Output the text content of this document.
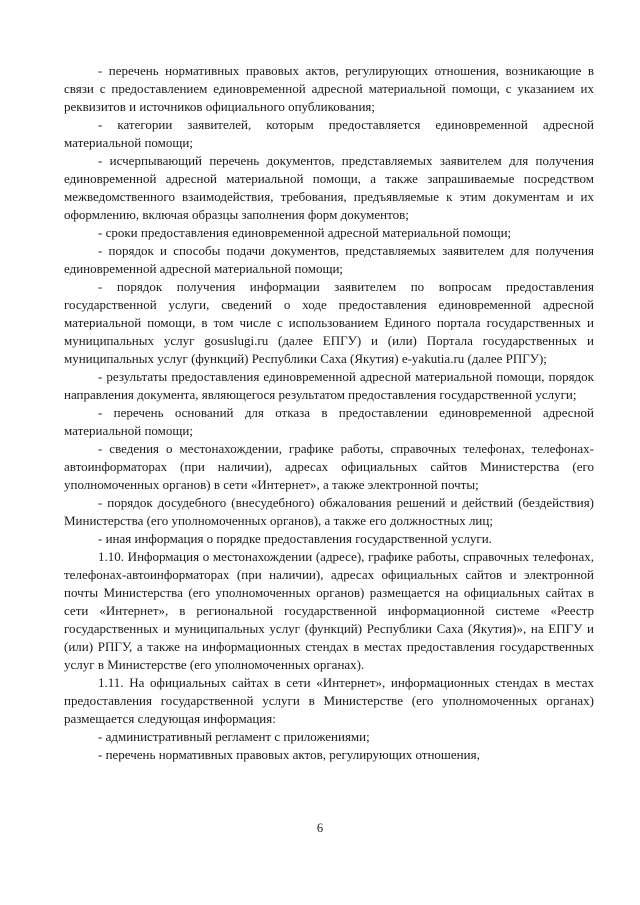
- перечень нормативных правовых актов, регулирующих отношения, возникающие в связи с предоставлением единовременной адресной материальной помощи, с указанием их реквизитов и источников официального опубликования;

- категории заявителей, которым предоставляется единовременной адресной материальной помощи;

- исчерпывающий перечень документов, представляемых заявителем для получения единовременной адресной материальной помощи, а также запрашиваемые посредством межведомственного взаимодействия, требования, предъявляемые к этим документам и их оформлению, включая образцы заполнения форм документов;

- сроки предоставления единовременной адресной материальной помощи;

- порядок и способы подачи документов, представляемых заявителем для получения единовременной адресной материальной помощи;

- порядок получения информации заявителем по вопросам предоставления государственной услуги, сведений о ходе предоставления единовременной адресной материальной помощи, в том числе с использованием Единого портала государственных и муниципальных услуг gosuslugi.ru (далее ЕПГУ) и (или) Портала государственных и муниципальных услуг (функций) Республики Саха (Якутия) e-yakutia.ru (далее РПГУ);

- результаты предоставления единовременной адресной материальной помощи, порядок направления документа, являющегося результатом предоставления государственной услуги;

- перечень оснований для отказа в предоставлении единовременной адресной материальной помощи;

- сведения о местонахождении, графике работы, справочных телефонах, телефонах-автоинформаторах (при наличии), адресах официальных сайтов Министерства (его уполномоченных органов) в сети «Интернет», а также электронной почты;

- порядок досудебного (внесудебного) обжалования решений и действий (бездействия) Министерства (его уполномоченных органов), а также его должностных лиц;

- иная информация о порядке предоставления государственной услуги.

1.10. Информация о местонахождении (адресе), графике работы, справочных телефонах, телефонах-автоинформаторах (при наличии), адресах официальных сайтов и электронной почты Министерства (его уполномоченных органов) размещается на официальных сайтах в сети «Интернет», в региональной государственной информационной системе «Реестр государственных и муниципальных услуг (функций) Республики Саха (Якутия)», на ЕПГУ и (или) РПГУ, а также на информационных стендах в местах предоставления государственных услуг в Министерстве (его уполномоченных органах).

1.11. На официальных сайтах в сети «Интернет», информационных стендах в местах предоставления государственной услуги в Министерстве (его уполномоченных органах) размещается следующая информация:

- административный регламент с приложениями;

- перечень нормативных правовых актов, регулирующих отношения,

6
